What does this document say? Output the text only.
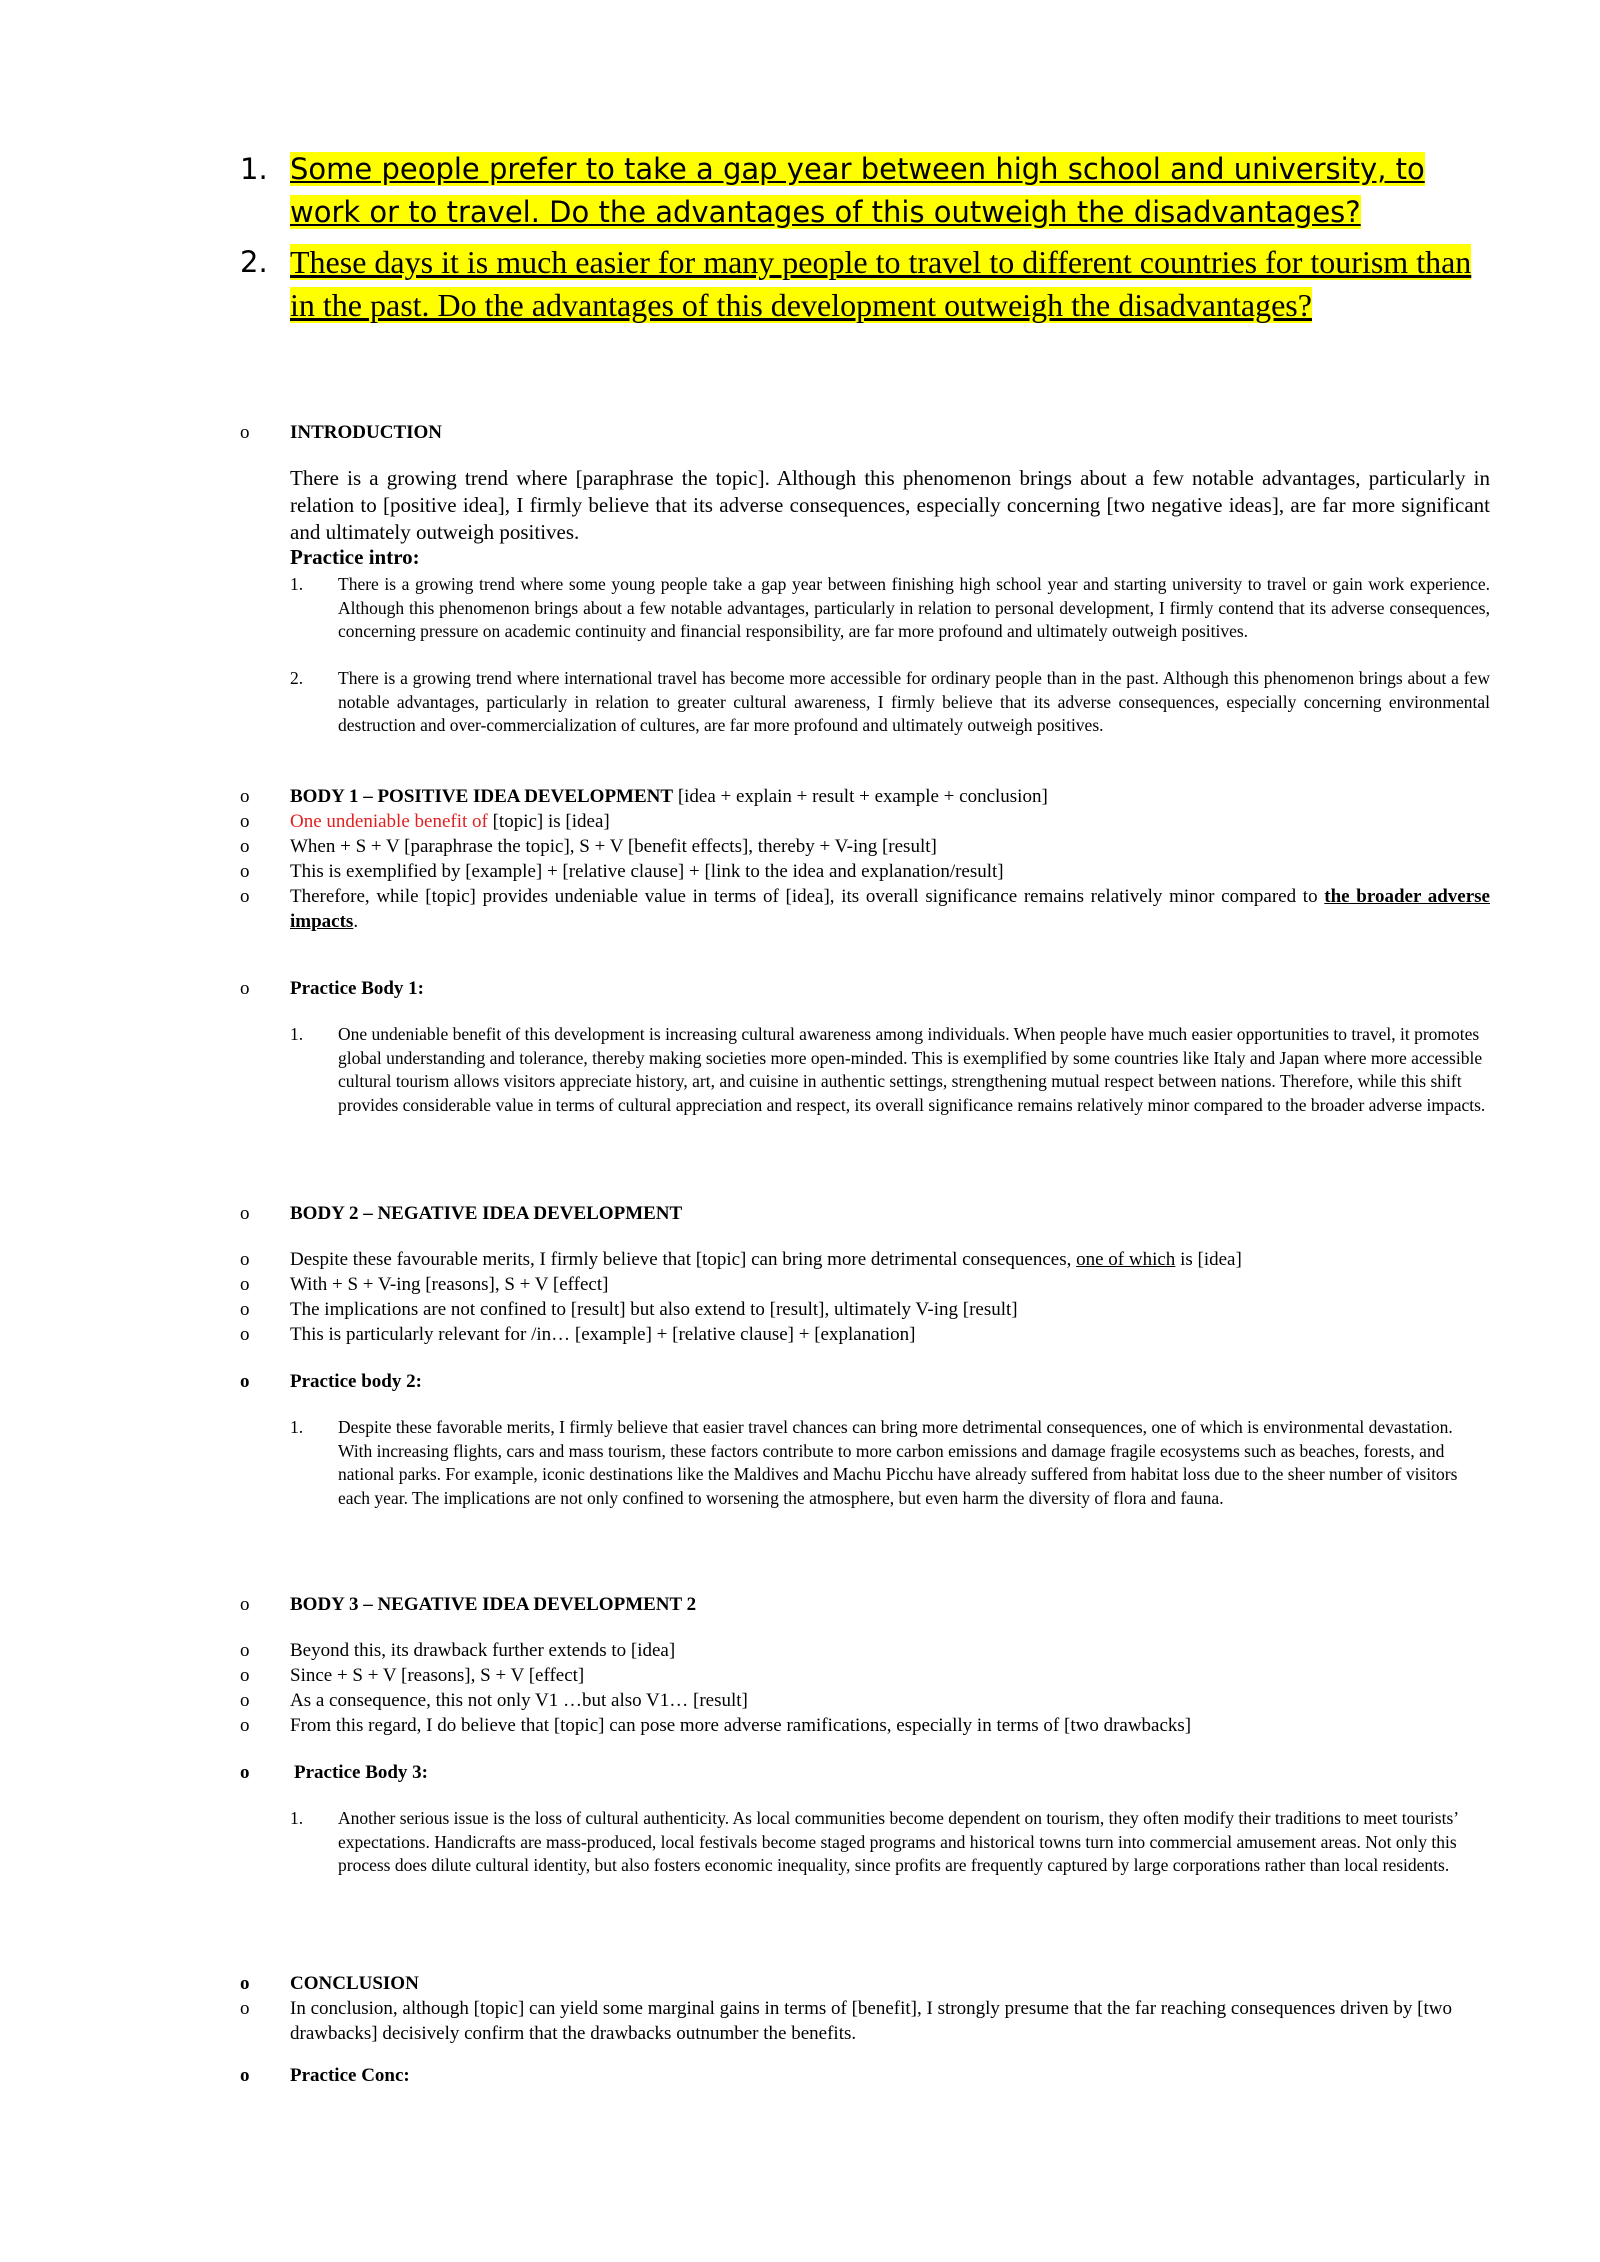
1. Some people prefer to take a gap year between high school and university, to work or to travel. Do the advantages of this outweigh the disadvantages?
2. These days it is much easier for many people to travel to different countries for tourism than in the past. Do the advantages of this development outweigh the disadvantages?
o INTRODUCTION
There is a growing trend where [paraphrase the topic]. Although this phenomenon brings about a few notable advantages, particularly in relation to [positive idea], I firmly believe that its adverse consequences, especially concerning [two negative ideas], are far more significant and ultimately outweigh positives.
Practice intro:
1. There is a growing trend where some young people take a gap year between finishing high school year and starting university to travel or gain work experience. Although this phenomenon brings about a few notable advantages, particularly in relation to personal development, I firmly contend that its adverse consequences, concerning pressure on academic continuity and financial responsibility, are far more profound and ultimately outweigh positives.
2. There is a growing trend where international travel has become more accessible for ordinary people than in the past. Although this phenomenon brings about a few notable advantages, particularly in relation to greater cultural awareness, I firmly believe that its adverse consequences, especially concerning environmental destruction and over-commercialization of cultures, are far more profound and ultimately outweigh positives.
o BODY 1 – POSITIVE IDEA DEVELOPMENT [idea + explain + result + example + conclusion]
o One undeniable benefit of [topic] is [idea]
o When + S + V [paraphrase the topic], S + V [benefit effects], thereby + V-ing [result]
o This is exemplified by [example] + [relative clause] + [link to the idea and explanation/result]
o Therefore, while [topic] provides undeniable value in terms of [idea], its overall significance remains relatively minor compared to the broader adverse impacts.
o Practice Body 1:
1. One undeniable benefit of this development is increasing cultural awareness among individuals. When people have much easier opportunities to travel, it promotes global understanding and tolerance, thereby making societies more open-minded. This is exemplified by some countries like Italy and Japan where more accessible cultural tourism allows visitors appreciate history, art, and cuisine in authentic settings, strengthening mutual respect between nations. Therefore, while this shift provides considerable value in terms of cultural appreciation and respect, its overall significance remains relatively minor compared to the broader adverse impacts.
o BODY 2 – NEGATIVE IDEA DEVELOPMENT
o Despite these favourable merits, I firmly believe that [topic] can bring more detrimental consequences, one of which is [idea]
o With + S + V-ing [reasons], S + V [effect]
o The implications are not confined to [result] but also extend to [result], ultimately V-ing [result]
o This is particularly relevant for /in… [example] + [relative clause] + [explanation]
o Practice body 2:
1. Despite these favorable merits, I firmly believe that easier travel chances can bring more detrimental consequences, one of which is environmental devastation. With increasing flights, cars and mass tourism, these factors contribute to more carbon emissions and damage fragile ecosystems such as beaches, forests, and national parks. For example, iconic destinations like the Maldives and Machu Picchu have already suffered from habitat loss due to the sheer number of visitors each year. The implications are not only confined to worsening the atmosphere, but even harm the diversity of flora and fauna.
o BODY 3 – NEGATIVE IDEA DEVELOPMENT 2
o Beyond this, its drawback further extends to [idea]
o Since + S + V [reasons], S + V [effect]
o As a consequence, this not only V1 …but also V1… [result]
o From this regard, I do believe that [topic] can pose more adverse ramifications, especially in terms of [two drawbacks]
o Practice Body 3:
1. Another serious issue is the loss of cultural authenticity. As local communities become dependent on tourism, they often modify their traditions to meet tourists’ expectations. Handicrafts are mass-produced, local festivals become staged programs and historical towns turn into commercial amusement areas. Not only this process does dilute cultural identity, but also fosters economic inequality, since profits are frequently captured by large corporations rather than local residents.
o CONCLUSION
o In conclusion, although [topic] can yield some marginal gains in terms of [benefit], I strongly presume that the far reaching consequences driven by [two drawbacks] decisively confirm that the drawbacks outnumber the benefits.
o Practice Conc:
